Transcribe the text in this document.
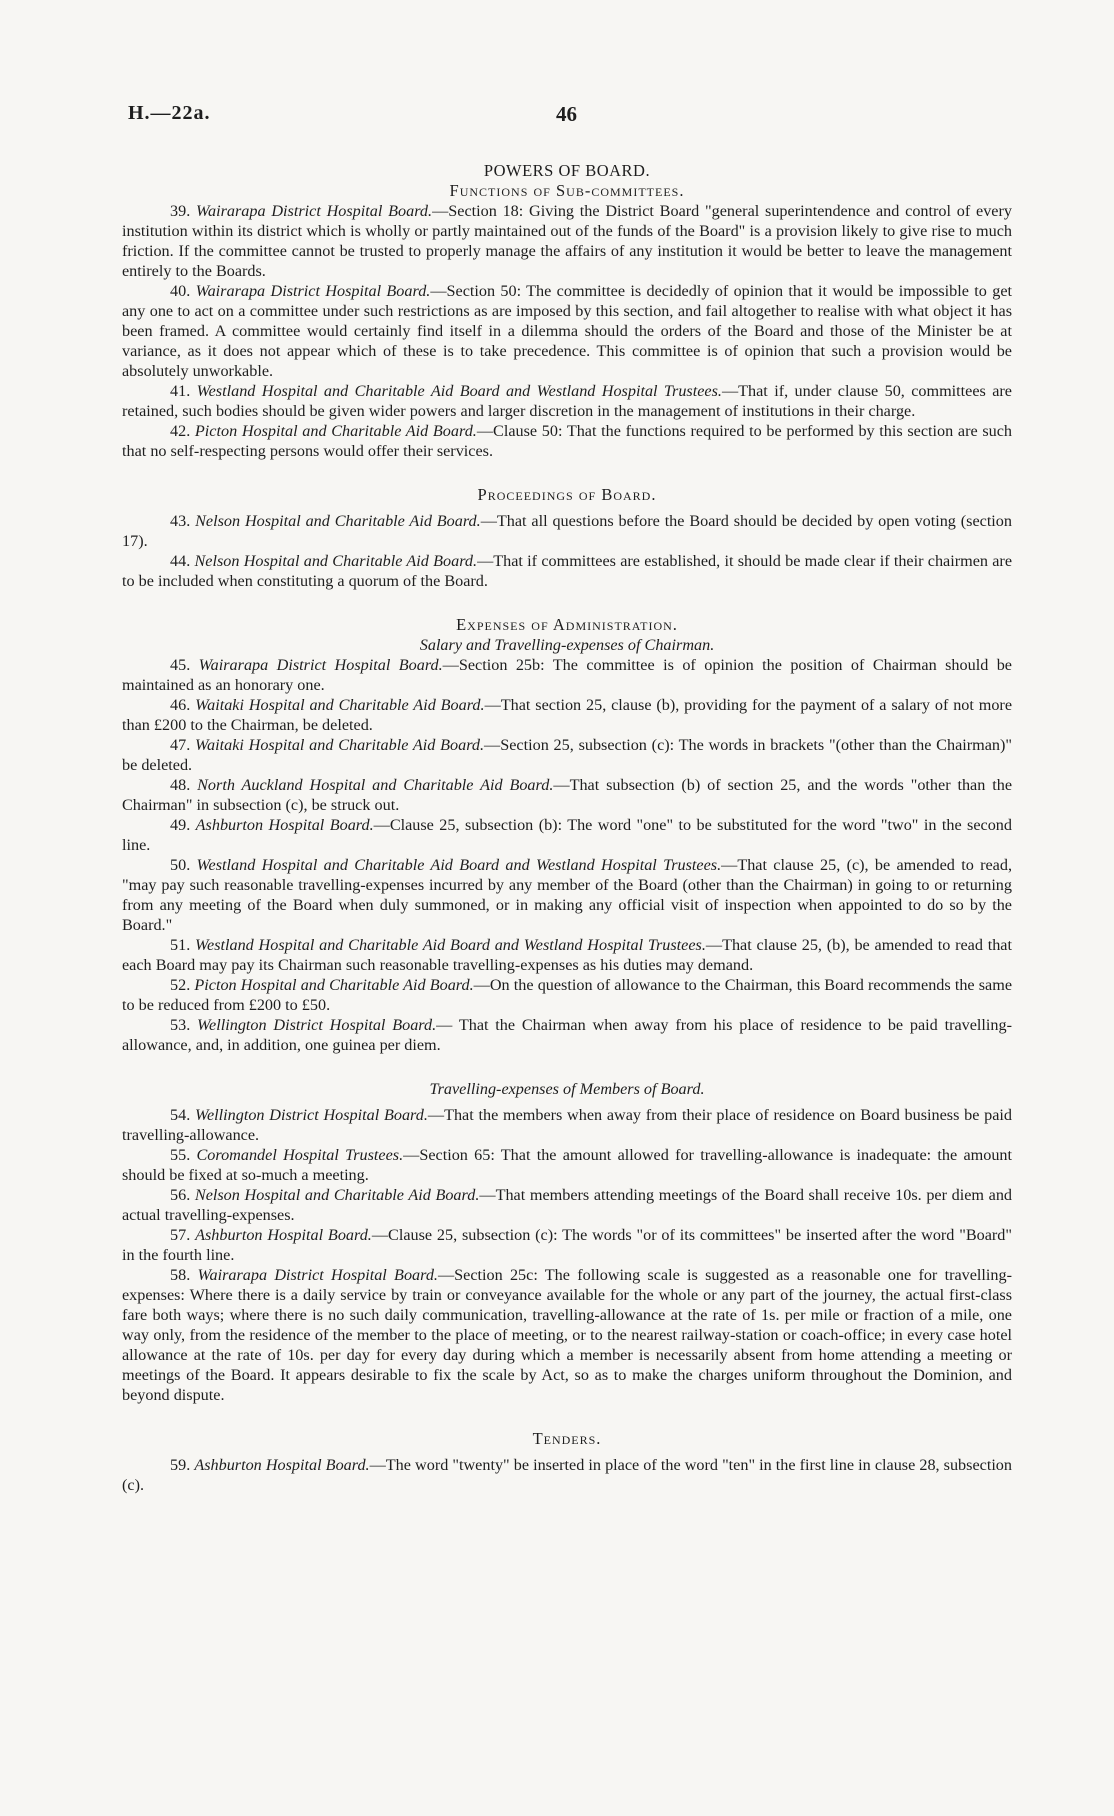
H.—22a.	46

POWERS OF BOARD.

Functions of Sub-committees.

39. Wairarapa District Hospital Board.—Section 18: Giving the District Board "general superintendence and control of every institution within its district which is wholly or partly maintained out of the funds of the Board" is a provision likely to give rise to much friction. If the committee cannot be trusted to properly manage the affairs of any institution it would be better to leave the management entirely to the Boards.

40. Wairarapa District Hospital Board.—Section 50: The committee is decidedly of opinion that it would be impossible to get any one to act on a committee under such restrictions as are imposed by this section, and fail altogether to realise with what object it has been framed. A committee would certainly find itself in a dilemma should the orders of the Board and those of the Minister be at variance, as it does not appear which of these is to take precedence. This committee is of opinion that such a provision would be absolutely unworkable.

41. Westland Hospital and Charitable Aid Board and Westland Hospital Trustees.—That if, under clause 50, committees are retained, such bodies should be given wider powers and larger discretion in the management of institutions in their charge.

42. Picton Hospital and Charitable Aid Board.—Clause 50: That the functions required to be performed by this section are such that no self-respecting persons would offer their services.

Proceedings of Board.

43. Nelson Hospital and Charitable Aid Board.—That all questions before the Board should be decided by open voting (section 17).

44. Nelson Hospital and Charitable Aid Board.—That if committees are established, it should be made clear if their chairmen are to be included when constituting a quorum of the Board.

Expenses of Administration.

Salary and Travelling-expenses of Chairman.

45. Wairarapa District Hospital Board.—Section 25b: The committee is of opinion the position of Chairman should be maintained as an honorary one.

46. Waitaki Hospital and Charitable Aid Board.—That section 25, clause (b), providing for the payment of a salary of not more than £200 to the Chairman, be deleted.

47. Waitaki Hospital and Charitable Aid Board.—Section 25, subsection (c): The words in brackets "(other than the Chairman)" be deleted.

48. North Auckland Hospital and Charitable Aid Board.—That subsection (b) of section 25, and the words "other than the Chairman" in subsection (c), be struck out.

49. Ashburton Hospital Board.—Clause 25, subsection (b): The word "one" to be substituted for the word "two" in the second line.

50. Westland Hospital and Charitable Aid Board and Westland Hospital Trustees.—That clause 25, (c), be amended to read, "may pay such reasonable travelling-expenses incurred by any member of the Board (other than the Chairman) in going to or returning from any meeting of the Board when duly summoned, or in making any official visit of inspection when appointed to do so by the Board."

51. Westland Hospital and Charitable Aid Board and Westland Hospital Trustees.—That clause 25, (b), be amended to read that each Board may pay its Chairman such reasonable travelling-expenses as his duties may demand.

52. Picton Hospital and Charitable Aid Board.—On the question of allowance to the Chairman, this Board recommends the same to be reduced from £200 to £50.

53. Wellington District Hospital Board.— That the Chairman when away from his place of residence to be paid travelling-allowance, and, in addition, one guinea per diem.

Travelling-expenses of Members of Board.

54. Wellington District Hospital Board.—That the members when away from their place of residence on Board business be paid travelling-allowance.

55. Coromandel Hospital Trustees.—Section 65: That the amount allowed for travelling-allowance is inadequate: the amount should be fixed at so-much a meeting.

56. Nelson Hospital and Charitable Aid Board.—That members attending meetings of the Board shall receive 10s. per diem and actual travelling-expenses.

57. Ashburton Hospital Board.—Clause 25, subsection (c): The words "or of its committees" be inserted after the word "Board" in the fourth line.

58. Wairarapa District Hospital Board.—Section 25c: The following scale is suggested as a reasonable one for travelling-expenses: Where there is a daily service by train or conveyance available for the whole or any part of the journey, the actual first-class fare both ways; where there is no such daily communication, travelling-allowance at the rate of 1s. per mile or fraction of a mile, one way only, from the residence of the member to the place of meeting, or to the nearest railway-station or coach-office; in every case hotel allowance at the rate of 10s. per day for every day during which a member is necessarily absent from home attending a meeting or meetings of the Board. It appears desirable to fix the scale by Act, so as to make the charges uniform throughout the Dominion, and beyond dispute.

Tenders.

59. Ashburton Hospital Board.—The word "twenty" be inserted in place of the word "ten" in the first line in clause 28, subsection (c).
